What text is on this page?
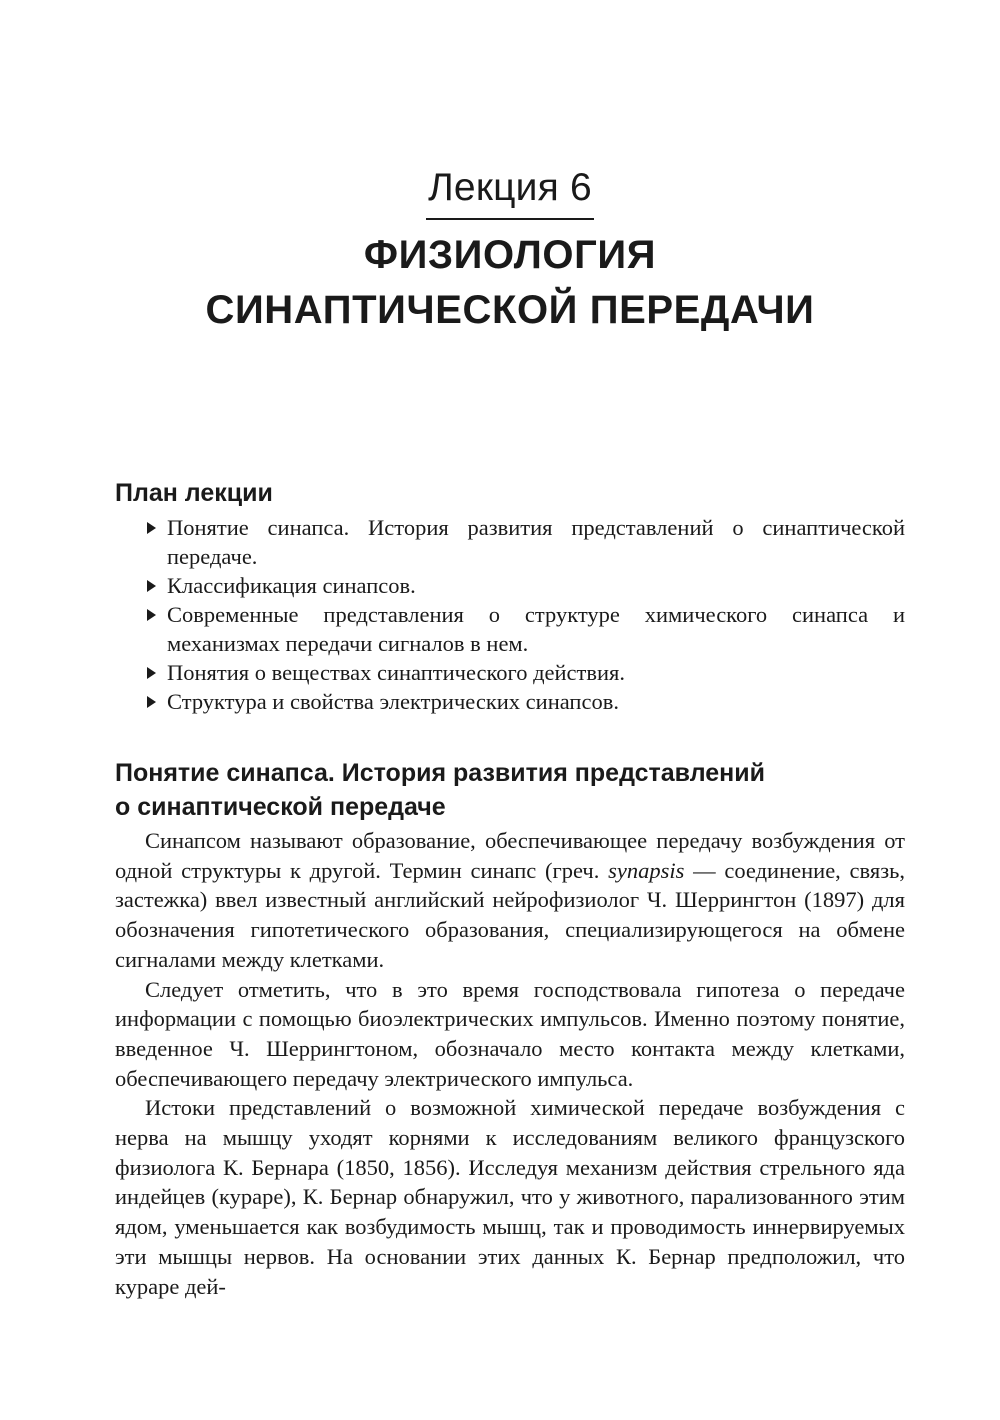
Лекция 6
ФИЗИОЛОГИЯ
СИНАПТИЧЕСКОЙ ПЕРЕДАЧИ
План лекции
Понятие синапса. История развития представлений о синаптической передаче.
Классификация синапсов.
Современные представления о структуре химического синапса и механизмах передачи сигналов в нем.
Понятия о веществах синаптического действия.
Структура и свойства электрических синапсов.
Понятие синапса. История развития представлений
о синаптической передаче

Синапсом называют образование, обеспечивающее передачу возбуждения от одной структуры к другой. Термин синапс (греч. synapsis — соединение, связь, застежка) ввел известный английский нейрофизиолог Ч. Шеррингтон (1897) для обозначения гипотетического образования, специализирующегося на обмене сигналами между клетками.

Следует отметить, что в это время господствовала гипотеза о передаче информации с помощью биоэлектрических импульсов. Именно поэтому понятие, введенное Ч. Шеррингтоном, обозначало место контакта между клетками, обеспечивающего передачу электрического импульса.

Истоки представлений о возможной химической передаче возбуждения с нерва на мышцу уходят корнями к исследованиям великого французского физиолога К. Бернара (1850, 1856). Исследуя механизм действия стрельного яда индейцев (кураре), К. Бернар обнаружил, что у животного, парализованного этим ядом, уменьшается как возбудимость мышц, так и проводимость иннервируемых эти мышцы нервов. На основании этих данных К. Бернар предположил, что кураре дей-
